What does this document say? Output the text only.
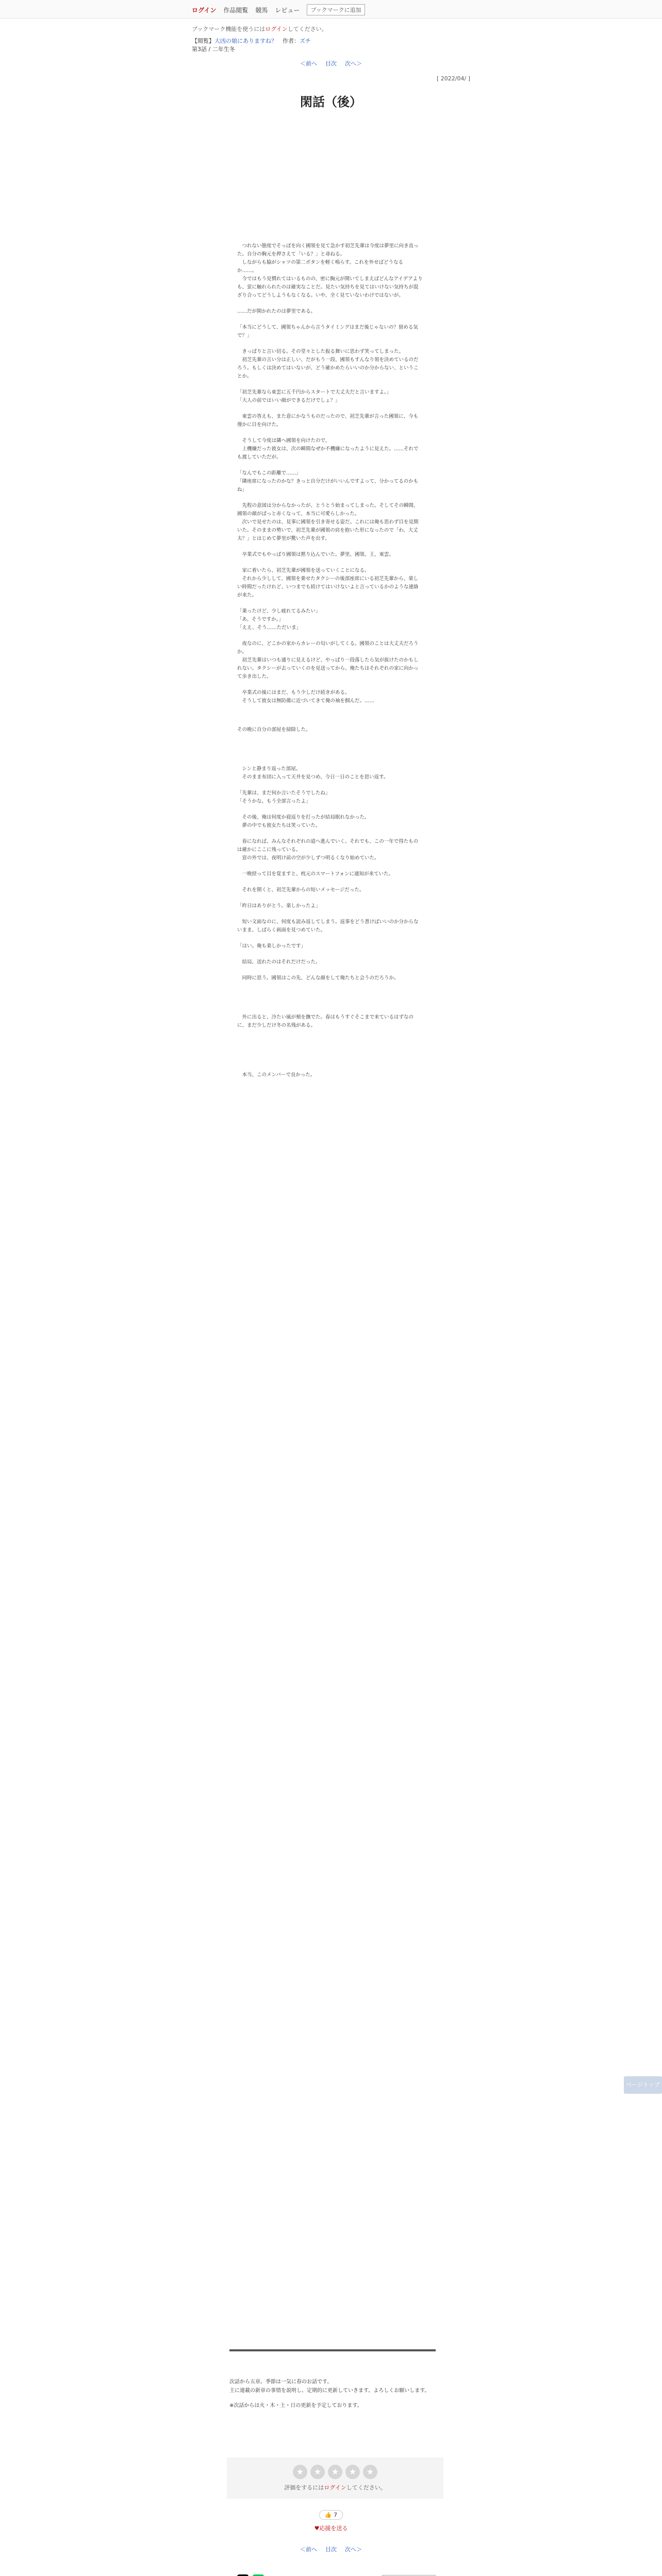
ログイン 作品閲覧 競馬 レビュー	ブックマークに追加
ブックマーク機能を使うにはログインしてください。
【閲覧】大凶の娘にありますね？　 作者：ズチ
第3話 / 二年生冬
＜前へ 目次 次へ＞
[ 2022/04/ ]
閑話（後）

　つれない態度でそっぽを向く國領を見て急かす初芝先輩は今度は夢里に向き直った。自分の胸元を押さえて「いる？」と尋ねる。
　しながらも脇がシャツの第二ボタンを軽く鳴らす。これを外せばどうなるか……。
　今ではもう見慣れてはいるものの、密に胸元が開いてしまえばどんなアイデアよりも、蛍に触れられたのは確実なことだ。見たい気持ちを見てはいけない気持ちが混ざり合ってどうしようもなくなる。いや、全く見ていないわけではないが。

……だが開かれたのは夢里である。

「本当にどうして、國領ちゃんから言うタイミングはまだ後じゃないの？留める気で？」

　きっぱりと言い切る。その堂々とした振る舞いに思わず笑ってしまった。
　初芝先輩の言い分は正しい、だがもう一段、國領もすんなり領を決めているのだろう。もしくは決めてはいないが、どう確かめたらいいのか分からない、ということか。

「初芝先輩なら東雲に五千円からスタートで大丈夫だと言いますよ。」
「大人の前ではいい顔ができるだけでしょ？」

　東雲の答えも、また意にかなうものだったので、初芝先輩が言った國領に、今も僅かに目を向けた。

　そうして今度は隣へ國領を向けたので、
　上機嫌だった彼女は、次の瞬間なぜか不機嫌になったように見えた。……それでも渡していただが。

「なんでもこの距離で……」
「隣座席になったのかな？きっと自分だけがいいんですよって、分かってるのかもね」

　先程の意図は分からなかったが、とうとう始まってしまった。そしてその瞬間、國領の顔がぱっと赤くなって、本当に可愛らしかった。
　次いで見せたのは、見事に國領を引き寄せる姿だ。これには俺も思わず目を見開いた。そのままの勢いで、初芝先輩が國領の肩を抱いた形になったので「わ、大丈夫？」とはじめて夢里が驚いた声を出す。

　卒業式でもやっぱり國領は黙り込んでいた。夢里、國領、王、東雲。

　家に着いたら、初芝先輩が國領を送っていくことになる。
　それから少しして、國領を乗せたタクシーの後部座席にいる初芝先輩から、楽しい時間だったけれど、いつまでも続けてはいけないよと言っているかのような連絡が来た。

「乗ったけど、少し疲れてるみたい」
「あ、そうですか。」
「ええ、そう……ただいま」

　夜なのに、どこかの家からカレーの匂いがしてくる。國領のことは大丈夫だろうか。
　初芝先輩はいつも通りに見えるけど、やっぱり一段落したら気が抜けたのかもしれない。タクシーが去っていくのを見送ってから、俺たちはそれぞれの家に向かって歩き出した。

　卒業式の後にはまだ、もう少しだけ続きがある。
　そうして彼女は無防備に近づいてきて俺の袖を掴んだ。……

その晩に自分の部屋を掃除した。

　シンと静まり返った部屋。
　そのまま布団に入って天井を見つめ、今日一日のことを思い返す。

「先輩は、まだ何か言いたそうでしたね」
「そうかな。もう全部言ったよ」

　その後、俺は何度か寝返りを打ったが結局眠れなかった。
　夢の中でも彼女たちは笑っていた。

　春になれば、みんなそれぞれの道へ進んでいく。それでも、この一年で得たものは確かにここに残っている。
　窓の外では、夜明け前の空が少しずつ明るくなり始めていた。

　一晩経って目を覚ますと、枕元のスマートフォンに通知が来ていた。

　それを開くと、初芝先輩からの短いメッセージだった。

「昨日はありがとう。楽しかったよ」

　短い文面なのに、何度も読み返してしまう。返事をどう書けばいいのか分からないまま、しばらく画面を見つめていた。

「はい。俺も楽しかったです」

　結局、送れたのはそれだけだった。

　同時に思う。國領はこの先、どんな顔をして俺たちと会うのだろうか。

　外に出ると、冷たい風が頬を撫でた。春はもうすぐそこまで来ているはずなのに、まだ少しだけ冬の名残がある。

　本当、このメンバーで良かった。

次話から五章。季節は一気に春のお話です。
主に連載の新章の事情を説明し、定期的に更新していきます。よろしくお願いします。
※次話からは火・木・土・日の更新を予定しております。
★ ★ ★ ★ ★
評価をするにはログインしてください。
👍 7
♥応援を送る
＜前へ 目次 次へ＞

ページトップへ
